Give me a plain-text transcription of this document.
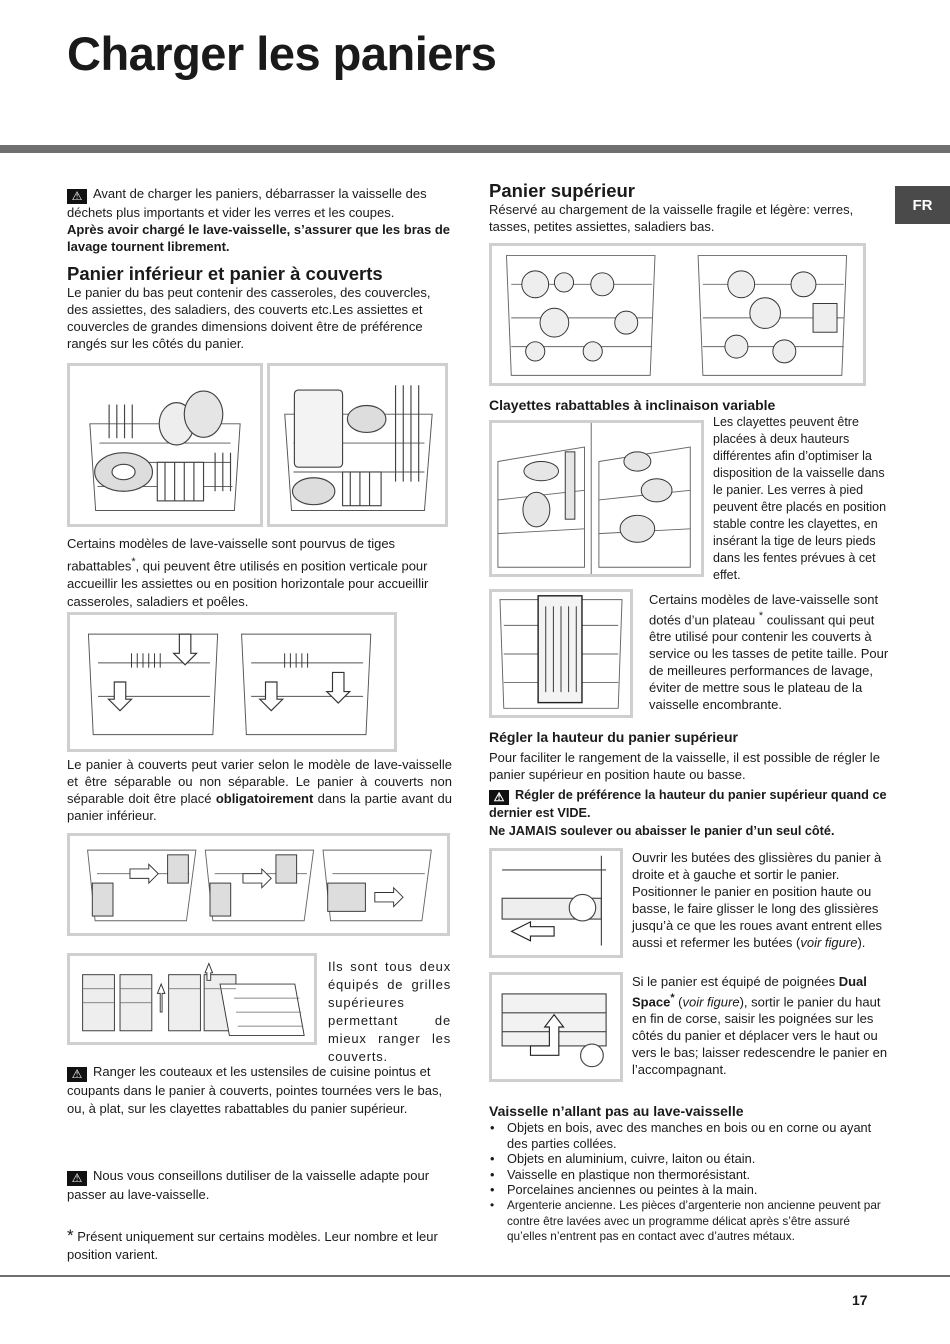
Charger les paniers
FR
⚠ Avant de charger les paniers, débarrasser la vaisselle des déchets plus importants et vider les verres et les coupes.
Après avoir chargé le lave-vaisselle, s’assurer que les bras de lavage tournent librement.
Panier inférieur et panier à couverts
Le panier du bas peut contenir des casseroles, des couvercles, des assiettes, des saladiers, des couverts etc.Les assiettes et couvercles de grandes dimensions doivent être de préférence rangés sur les côtés du panier.
Certains modèles de lave-vaisselle sont pourvus de tiges rabattables*, qui peuvent être utilisés en position verticale pour accueillir les assiettes ou en position horizontale pour accueillir casseroles, saladiers et poêles.
Le panier à couverts peut varier selon le modèle de lave-vaisselle et être séparable ou non séparable. Le panier à couverts non séparable doit être placé obligatoirement dans la partie avant du panier inférieur.
Ils sont tous deux équipés de grilles supérieures permettant de mieux ranger les couverts.
⚠ Ranger les couteaux et les ustensiles de cuisine pointus et coupants dans le panier à couverts, pointes tournées vers le bas, ou, à plat, sur les clayettes rabattables du panier supérieur.
⚠ Nous vous conseillons dutiliser de la vaisselle adapte pour passer au lave-vaisselle.
* Présent uniquement sur certains modèles. Leur nombre et leur position varient.
Panier supérieur
Réservé au chargement de la vaisselle fragile et légère: verres, tasses, petites assiettes, saladiers bas.
Clayettes rabattables à inclinaison variable
Les clayettes peuvent être placées à deux hauteurs différentes afin d’optimiser la disposition de la vaisselle dans le panier. Les verres à pied peuvent être placés en position stable contre les clayettes, en insérant la tige de leurs pieds dans les fentes prévues à cet effet.
Certains modèles de lave-vaisselle sont dotés d’un plateau * coulissant qui peut être utilisé pour contenir les couverts à service ou les tasses de petite taille. Pour de meilleures performances de lavage, éviter de mettre sous le plateau de la vaisselle encombrante.
Régler la hauteur du panier supérieur
Pour faciliter le rangement de la vaisselle, il est possible de régler le panier supérieur en position haute ou basse.
⚠ Régler de préférence la hauteur du panier supérieur quand ce dernier est VIDE.
Ne JAMAIS soulever ou abaisser le panier d’un seul côté.
Ouvrir les butées des glissières du panier à droite et à gauche et sortir le panier. Positionner le panier en position haute ou basse, le faire glisser le long des glissières jusqu’à ce que les roues avant entrent elles aussi et refermer les butées (voir figure).
Si le panier est équipé de poignées Dual Space* (voir figure), sortir le panier du haut en fin de corse, saisir les poignées sur les côtés du panier et déplacer vers le haut ou vers le bas; laisser redescendre le panier en l’accompagnant.
Vaisselle n’allant pas au lave-vaisselle
• Objets en bois, avec des manches en bois ou en corne ou ayant des parties collées.
• Objets en aluminium, cuivre, laiton ou étain.
• Vaisselle en plastique non thermorésistant.
• Porcelaines anciennes ou peintes à la main.
• Argenterie ancienne. Les pièces d’argenterie non ancienne peuvent par contre être lavées avec un programme délicat après s’être assuré qu’elles n’entrent pas en contact avec d’autres métaux.
17
